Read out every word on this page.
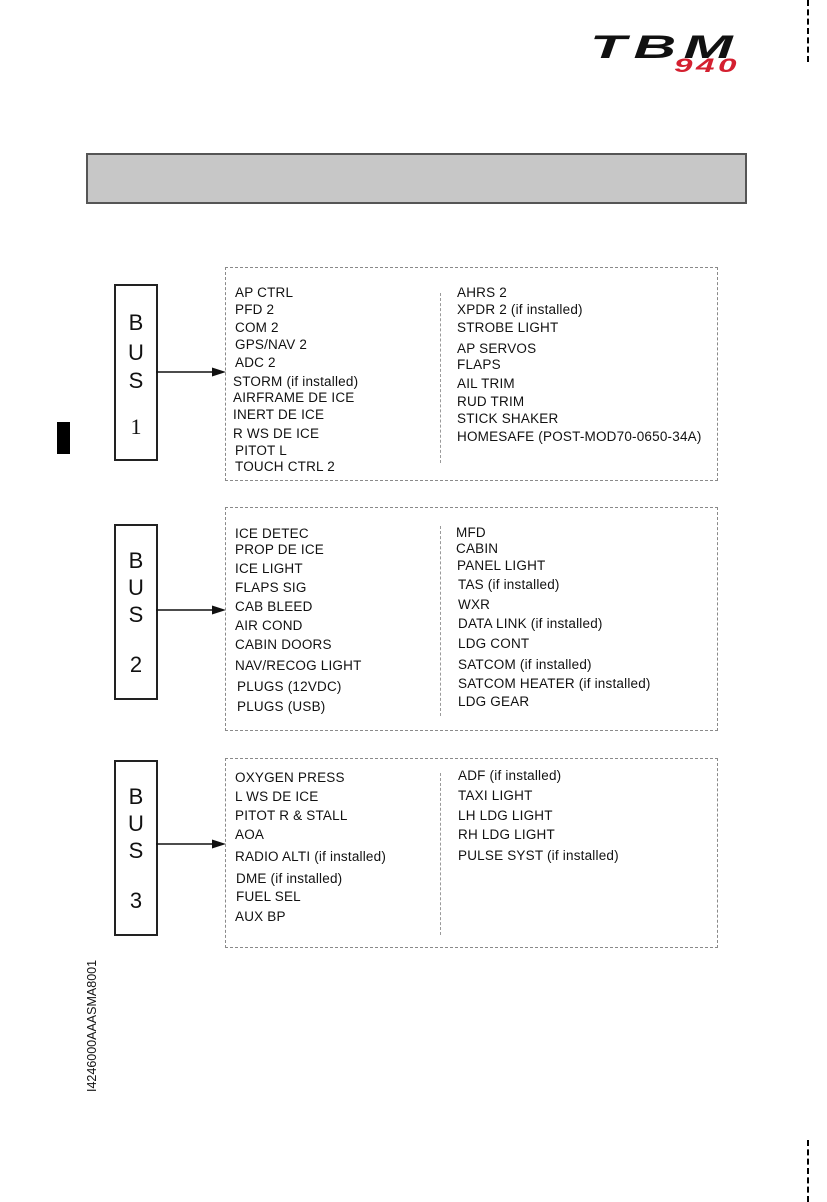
TBM
940
B
U
S
1
AP CTRL
PFD 2
COM 2
GPS/NAV 2
ADC 2
STORM (if installed)
AIRFRAME DE ICE
INERT DE ICE
R WS DE ICE
PITOT L
TOUCH CTRL 2
AHRS 2
XPDR 2 (if installed)
STROBE LIGHT
AP SERVOS
FLAPS
AIL TRIM
RUD TRIM
STICK SHAKER
HOMESAFE (POST-MOD70-0650-34A)
B
U
S
2
ICE DETEC
PROP DE ICE
ICE LIGHT
FLAPS SIG
CAB BLEED
AIR COND
CABIN DOORS
NAV/RECOG LIGHT
PLUGS (12VDC)
PLUGS (USB)
MFD
CABIN
PANEL LIGHT
TAS (if installed)
WXR
DATA LINK (if installed)
LDG CONT
SATCOM (if installed)
SATCOM HEATER (if installed)
LDG GEAR
B
U
S
3
OXYGEN PRESS
L WS DE ICE
PITOT R & STALL
AOA
RADIO ALTI (if installed)
DME (if installed)
FUEL SEL
AUX BP
ADF (if installed)
TAXI LIGHT
LH LDG LIGHT
RH LDG LIGHT
PULSE SYST (if installed)
I4246000AAASMA8001
